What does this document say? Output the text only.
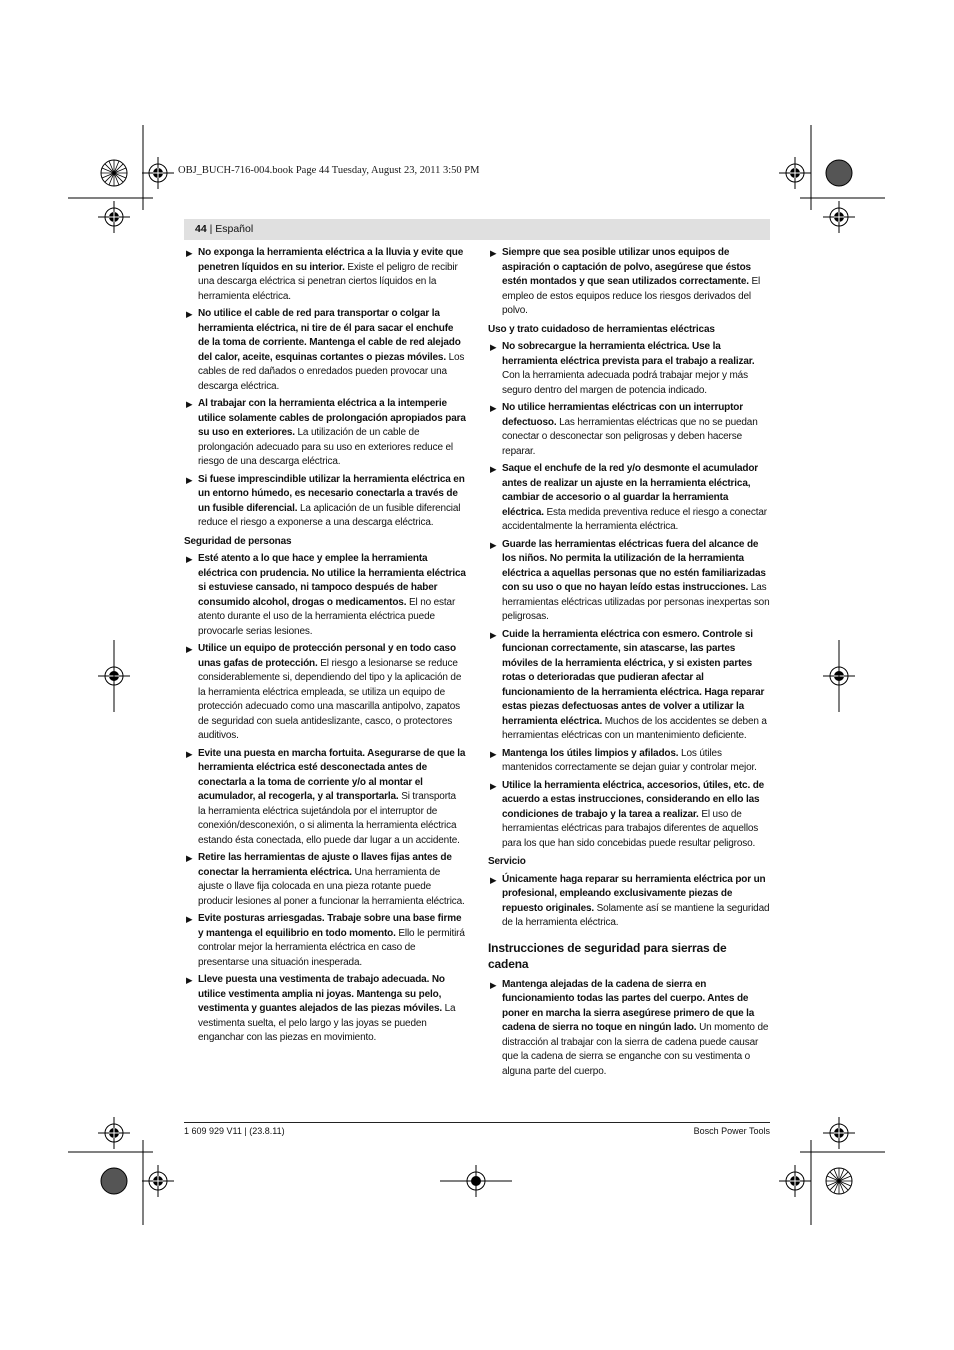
OBJ_BUCH-716-004.book Page 44 Tuesday, August 23, 2011 3:50 PM
44 | Español
▶ No exponga la herramienta eléctrica a la lluvia y evite que penetren líquidos en su interior. Existe el peligro de recibir una descarga eléctrica si penetran ciertos líquidos en la herramienta eléctrica.
▶ No utilice el cable de red para transportar o colgar la herramienta eléctrica, ni tire de él para sacar el enchufe de la toma de corriente. Mantenga el cable de red alejado del calor, aceite, esquinas cortantes o piezas móviles. Los cables de red dañados o enredados pueden provocar una descarga eléctrica.
▶ Al trabajar con la herramienta eléctrica a la intemperie utilice solamente cables de prolongación apropiados para su uso en exteriores. La utilización de un cable de prolongación adecuado para su uso en exteriores reduce el riesgo de una descarga eléctrica.
▶ Si fuese imprescindible utilizar la herramienta eléctrica en un entorno húmedo, es necesario conectarla a través de un fusible diferencial. La aplicación de un fusible diferencial reduce el riesgo a exponerse a una descarga eléctrica.
Seguridad de personas
▶ Esté atento a lo que hace y emplee la herramienta eléctrica con prudencia. No utilice la herramienta eléctrica si estuviese cansado, ni tampoco después de haber consumido alcohol, drogas o medicamentos. El no estar atento durante el uso de la herramienta eléctrica puede provocarle serias lesiones.
▶ Utilice un equipo de protección personal y en todo caso unas gafas de protección. El riesgo a lesionarse se reduce considerablemente si, dependiendo del tipo y la aplicación de la herramienta eléctrica empleada, se utiliza un equipo de protección adecuado como una mascarilla antipolvo, zapatos de seguridad con suela antideslizante, casco, o protectores auditivos.
▶ Evite una puesta en marcha fortuita. Asegurarse de que la herramienta eléctrica esté desconectada antes de conectarla a la toma de corriente y/o al montar el acumulador, al recogerla, y al transportarla. Si transporta la herramienta eléctrica sujetándola por el interruptor de conexión/desconexión, o si alimenta la herramienta eléctrica estando ésta conectada, ello puede dar lugar a un accidente.
▶ Retire las herramientas de ajuste o llaves fijas antes de conectar la herramienta eléctrica. Una herramienta de ajuste o llave fija colocada en una pieza rotante puede producir lesiones al poner a funcionar la herramienta eléctrica.
▶ Evite posturas arriesgadas. Trabaje sobre una base firme y mantenga el equilibrio en todo momento. Ello le permitirá controlar mejor la herramienta eléctrica en caso de presentarse una situación inesperada.
▶ Lleve puesta una vestimenta de trabajo adecuada. No utilice vestimenta amplia ni joyas. Mantenga su pelo, vestimenta y guantes alejados de las piezas móviles. La vestimenta suelta, el pelo largo y las joyas se pueden enganchar con las piezas en movimiento.
▶ Siempre que sea posible utilizar unos equipos de aspiración o captación de polvo, asegúrese que éstos estén montados y que sean utilizados correctamente. El empleo de estos equipos reduce los riesgos derivados del polvo.
Uso y trato cuidadoso de herramientas eléctricas
▶ No sobrecargue la herramienta eléctrica. Use la herramienta eléctrica prevista para el trabajo a realizar. Con la herramienta adecuada podrá trabajar mejor y más seguro dentro del margen de potencia indicado.
▶ No utilice herramientas eléctricas con un interruptor defectuoso. Las herramientas eléctricas que no se puedan conectar o desconectar son peligrosas y deben hacerse reparar.
▶ Saque el enchufe de la red y/o desmonte el acumulador antes de realizar un ajuste en la herramienta eléctrica, cambiar de accesorio o al guardar la herramienta eléctrica. Esta medida preventiva reduce el riesgo a conectar accidentalmente la herramienta eléctrica.
▶ Guarde las herramientas eléctricas fuera del alcance de los niños. No permita la utilización de la herramienta eléctrica a aquellas personas que no estén familiarizadas con su uso o que no hayan leído estas instrucciones. Las herramientas eléctricas utilizadas por personas inexpertas son peligrosas.
▶ Cuide la herramienta eléctrica con esmero. Controle si funcionan correctamente, sin atascarse, las partes móviles de la herramienta eléctrica, y si existen partes rotas o deterioradas que pudieran afectar al funcionamiento de la herramienta eléctrica. Haga reparar estas piezas defectuosas antes de volver a utilizar la herramienta eléctrica. Muchos de los accidentes se deben a herramientas eléctricas con un mantenimiento deficiente.
▶ Mantenga los útiles limpios y afilados. Los útiles mantenidos correctamente se dejan guiar y controlar mejor.
▶ Utilice la herramienta eléctrica, accesorios, útiles, etc. de acuerdo a estas instrucciones, considerando en ello las condiciones de trabajo y la tarea a realizar. El uso de herramientas eléctricas para trabajos diferentes de aquellos para los que han sido concebidas puede resultar peligroso.
Servicio
▶ Únicamente haga reparar su herramienta eléctrica por un profesional, empleando exclusivamente piezas de repuesto originales. Solamente así se mantiene la seguridad de la herramienta eléctrica.
Instrucciones de seguridad para sierras de cadena
▶ Mantenga alejadas de la cadena de sierra en funcionamiento todas las partes del cuerpo. Antes de poner en marcha la sierra asegúrese primero de que la cadena de sierra no toque en ningún lado. Un momento de distracción al trabajar con la sierra de cadena puede causar que la cadena de sierra se enganche con su vestimenta o alguna parte del cuerpo.
1 609 929 V11 | (23.8.11)	Bosch Power Tools
